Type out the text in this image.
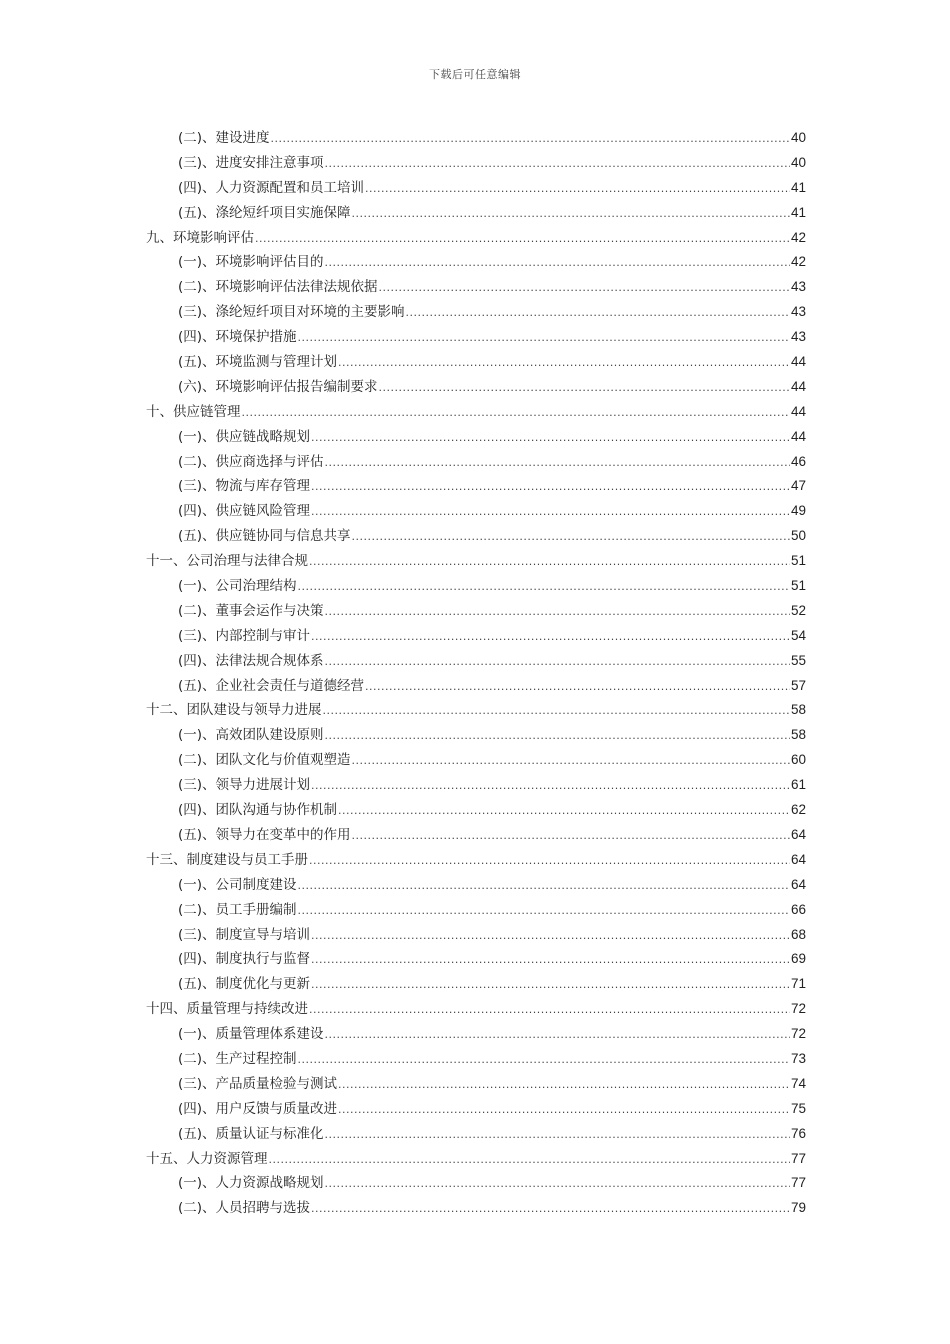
下载后可任意编辑
(二)、建设进度 .....	40
(三)、进度安排注意事项 .....	40
(四)、人力资源配置和员工培训 .....	41
(五)、涤纶短纤项目实施保障 .....	41
九、环境影响评估 .....	42
(一)、环境影响评估目的 .....	42
(二)、环境影响评估法律法规依据 .....	43
(三)、涤纶短纤项目对环境的主要影响 .....	43
(四)、环境保护措施 .....	43
(五)、环境监测与管理计划 .....	44
(六)、环境影响评估报告编制要求 .....	44
十、供应链管理 .....	44
(一)、供应链战略规划 .....	44
(二)、供应商选择与评估 .....	46
(三)、物流与库存管理 .....	47
(四)、供应链风险管理 .....	49
(五)、供应链协同与信息共享 .....	50
十一、公司治理与法律合规 .....	51
(一)、公司治理结构 .....	51
(二)、董事会运作与决策 .....	52
(三)、内部控制与审计 .....	54
(四)、法律法规合规体系 .....	55
(五)、企业社会责任与道德经营 .....	57
十二、团队建设与领导力进展 .....	58
(一)、高效团队建设原则 .....	58
(二)、团队文化与价值观塑造 .....	60
(三)、领导力进展计划 .....	61
(四)、团队沟通与协作机制 .....	62
(五)、领导力在变革中的作用 .....	64
十三、制度建设与员工手册 .....	64
(一)、公司制度建设 .....	64
(二)、员工手册编制 .....	66
(三)、制度宣导与培训 .....	68
(四)、制度执行与监督 .....	69
(五)、制度优化与更新 .....	71
十四、质量管理与持续改进 .....	72
(一)、质量管理体系建设 .....	72
(二)、生产过程控制 .....	73
(三)、产品质量检验与测试 .....	74
(四)、用户反馈与质量改进 .....	75
(五)、质量认证与标准化 .....	76
十五、人力资源管理 .....	77
(一)、人力资源战略规划 .....	77
(二)、人员招聘与选拔 .....	79
